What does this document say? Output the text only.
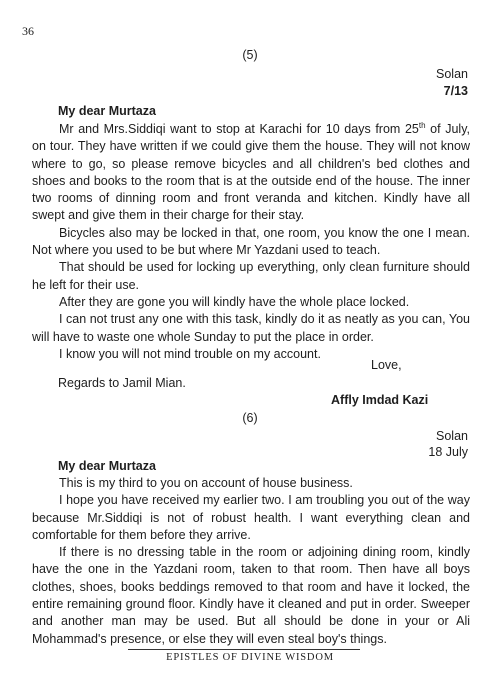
36
(5)
Solan
7/13
My dear Murtaza

Mr and Mrs.Siddiqi want to stop at Karachi for 10 days from 25th of July, on tour. They have written if we could give them the house. They will not know where to go, so please remove bicycles and all children's bed clothes and shoes and books to the room that is at the outside end of the house. The inner two rooms of dinning room and front veranda and kitchen. Kindly have all swept and give them in their charge for their stay.

Bicycles also may be locked in that, one room, you know the one I mean. Not where you used to be but where Mr Yazdani used to teach.

That should be used for locking up everything, only clean furniture should he left for their use.

After they are gone you will kindly have the whole place locked.

I can not trust any one with this task, kindly do it as neatly as you can, You will have to waste one whole Sunday to put the place in order.

I know you will not mind trouble on my account.

Love,
Regards to Jamil Mian.
Affly Imdad Kazi
(6)
Solan
18 July
My dear Murtaza

This is my third to you on account of house business.

I hope you have received my earlier two. I am troubling you out of the way because Mr.Siddiqi is not of robust health. I want everything clean and comfortable for them before they arrive.

If there is no dressing table in the room or adjoining dining room, kindly have the one in the Yazdani room, taken to that room. Then have all boys clothes, shoes, books beddings removed to that room and have it locked, the entire remaining ground floor. Kindly have it cleaned and put in order. Sweeper and another man may be used. But all should be done in your or Ali Mohammad's presence, or else they will even steal boy's things.

EPISTLES OF DIVINE WISDOM
